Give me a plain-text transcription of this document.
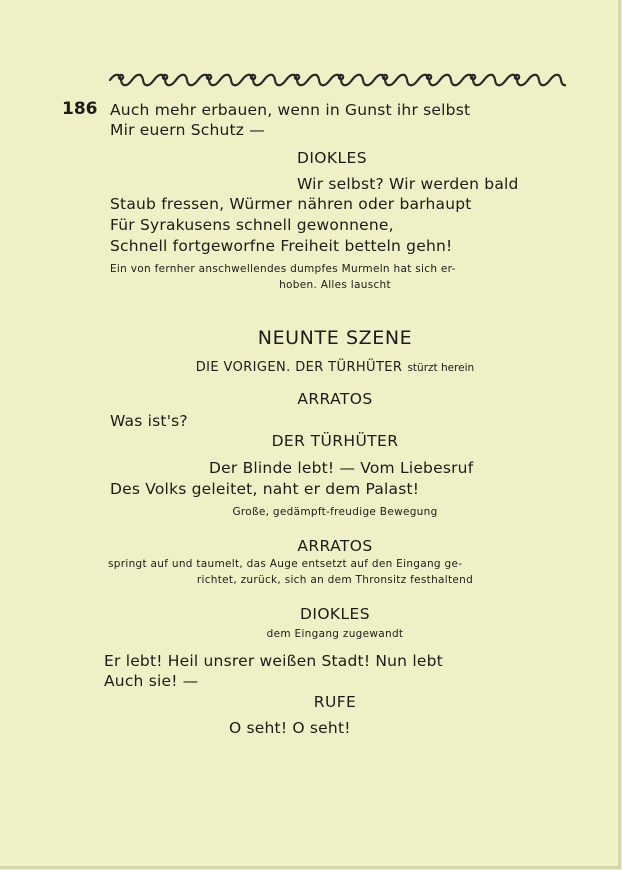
186 Auch mehr erbauen, wenn in Gunst ihr selbst
Mir euern Schutz —
DIOKLES
Wir selbst? Wir werden bald
Staub fressen, Würmer nähren oder barhaupt
Für Syrakusens schnell gewonnene,
Schnell fortgeworfne Freiheit betteln gehn!
Ein von fernher anschwellendes dumpfes Murmeln hat sich er-
hoben. Alles lauscht
NEUNTE SZENE
DIE VORIGEN. DER TÜRHÜTER stürzt herein
ARRATOS
Was ist's?
DER TÜRHÜTER
Der Blinde lebt! — Vom Liebesruf
Des Volks geleitet, naht er dem Palast!
Große, gedämpft-freudige Bewegung
ARRATOS
springt auf und taumelt, das Auge entsetzt auf den Eingang ge-
richtet, zurück, sich an dem Thronsitz festhaltend
DIOKLES
dem Eingang zugewandt
Er lebt! Heil unsrer weißen Stadt! Nun lebt
Auch sie! —
RUFE
O seht! O seht!
